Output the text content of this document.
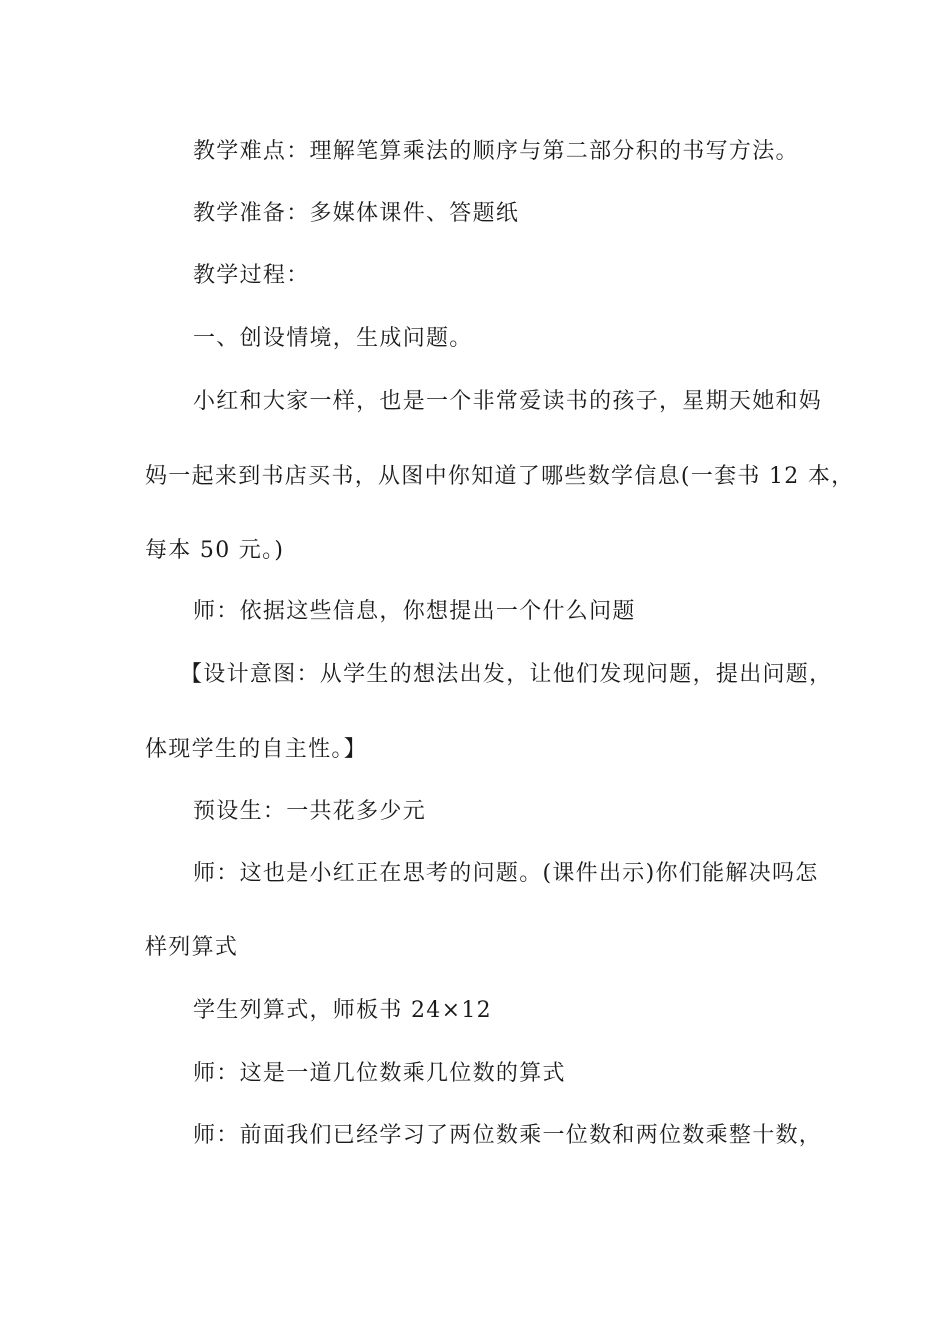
教学难点：理解笔算乘法的顺序与第二部分积的书写方法。
教学准备：多媒体课件、答题纸
教学过程：
一、创设情境，生成问题。
小红和大家一样，也是一个非常爱读书的孩子，星期天她和妈
妈一起来到书店买书，从图中你知道了哪些数学信息(一套书 12 本，
每本 50 元。)
师：依据这些信息，你想提出一个什么问题
【设计意图：从学生的想法出发，让他们发现问题，提出问题，
体现学生的自主性。】
预设生：一共花多少元
师：这也是小红正在思考的问题。(课件出示)你们能解决吗怎
样列算式
学生列算式，师板书 24×12
师：这是一道几位数乘几位数的算式
师：前面我们已经学习了两位数乘一位数和两位数乘整十数，
